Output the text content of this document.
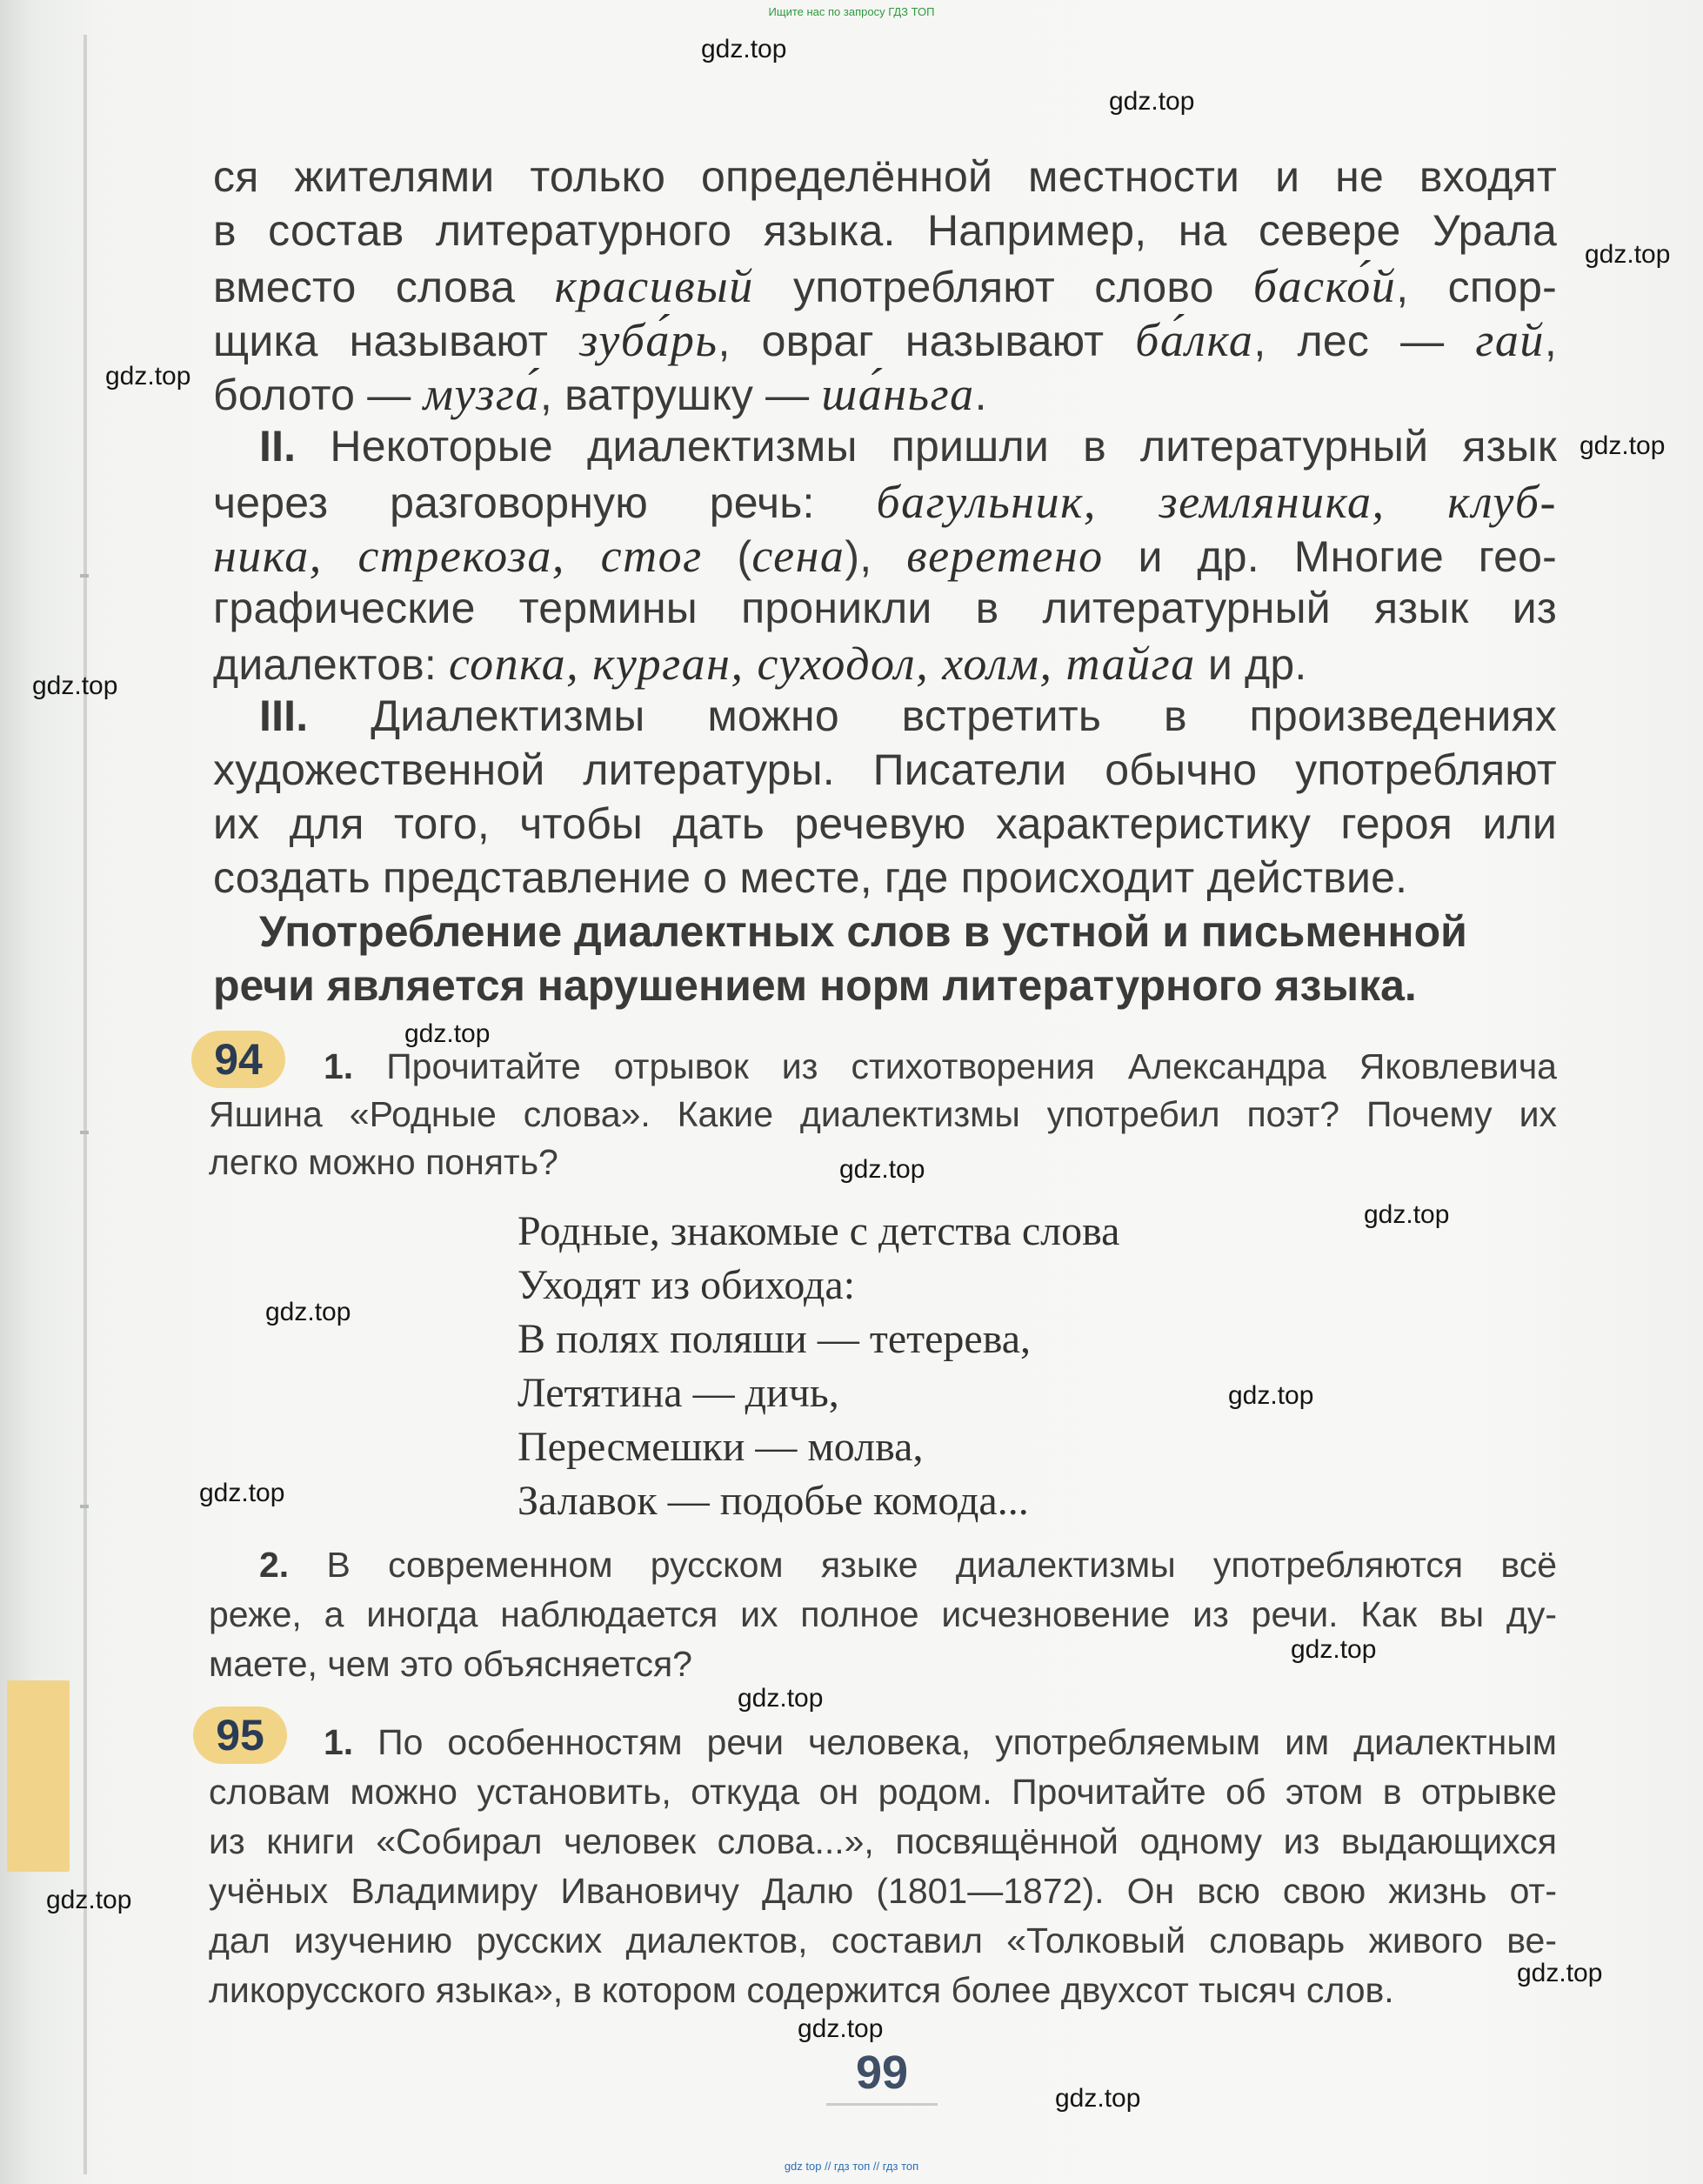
Ищите нас по запросу ГДЗ ТОП
gdz.top
gdz.top
gdz.top
gdz.top
gdz.top
gdz.top
gdz.top
gdz.top
gdz.top
gdz.top
gdz.top
gdz.top
gdz.top
gdz.top
gdz.top
gdz.top
gdz.top
gdz.top
ся жителями только определённой местности и не входят
в состав литературного языка. Например, на севере Урала
вместо слова красивый употребляют слово баско́й, спор-
щика называют зуба́рь, овраг называют ба́лка, лес — гай,
болото — музга́, ватрушку — ша́ньга.
II. Некоторые диалектизмы пришли в литературный язык
через разговорную речь: багульник, земляника, клуб-
ника, стрекоза, стог (сена), веретено и др. Многие гео-
графические термины проникли в литературный язык из
диалектов: сопка, курган, суходол, холм, тайга и др.
III. Диалектизмы можно встретить в произведениях
художественной литературы. Писатели обычно употребляют
их для того, чтобы дать речевую характеристику героя или
создать представление о месте, где происходит действие.
Употребление диалектных слов в устной и письменной
речи является нарушением норм литературного языка.
94	1. Прочитайте отрывок из стихотворения Александра Яковлевича
Яшина «Родные слова». Какие диалектизмы употребил поэт? Почему их
легко можно понять?
Родные, знакомые с детства слова
Уходят из обихода:
В полях поляши — тетерева,
Летятина — дичь,
Пересмешки — молва,
Залавок — подобье комода...
2. В современном русском языке диалектизмы употребляются всё
реже, а иногда наблюдается их полное исчезновение из речи. Как вы ду-
маете, чем это объясняется?
95	1. По особенностям речи человека, употребляемым им диалектным
словам можно установить, откуда он родом. Прочитайте об этом в отрывке
из книги «Собирал человек слова...», посвящённой одному из выдающихся
учёных Владимиру Ивановичу Далю (1801—1872). Он всю свою жизнь от-
дал изучению русских диалектов, составил «Толковый словарь живого ве-
ликорусского языка», в котором содержится более двухсот тысяч слов.
99
gdz top // гдз топ // гдз топ
